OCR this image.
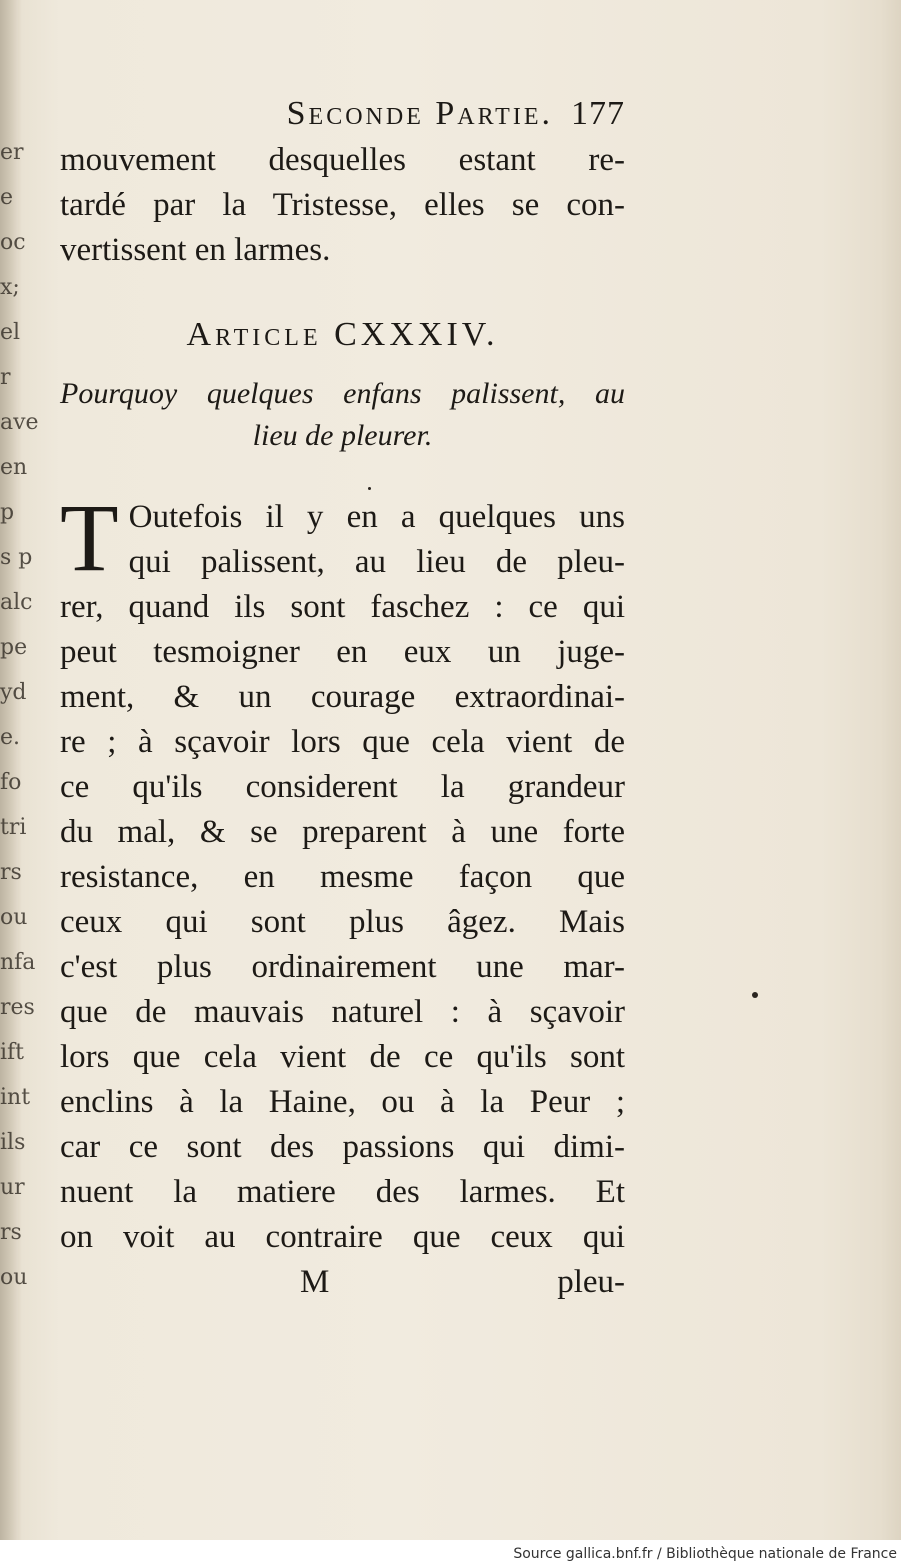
er
e
oc
x;
el
r
ave
en
p
s p
alc
pe
yd
e.
fo
tri
rs
ou
nfa
res
ift
int
ils
ur
rs
ou
Seconde Partie. 177
mouvement desquelles estant re-
tardé par la Tristesse, elles se con-
vertissent en larmes.
Article CXXXIV.
Pourquoy quelques enfans palissent, au
lieu de pleurer.
T Outefois il y en a quelques uns
qui palissent, au lieu de pleu-
rer, quand ils sont faschez : ce qui
peut tesmoigner en eux un juge-
ment, & un courage extraordinai-
re ; à sçavoir lors que cela vient de
ce qu'ils considerent la grandeur
du mal, & se preparent à une forte
resistance, en mesme façon que
ceux qui sont plus âgez. Mais
c'est plus ordinairement une mar-
que de mauvais naturel : à sçavoir
lors que cela vient de ce qu'ils sont
enclins à la Haine, ou à la Peur ;
car ce sont des passions qui dimi-
nuent la matiere des larmes. Et
on voit au contraire que ceux qui
M	pleu-
Source gallica.bnf.fr / Bibliothèque nationale de France
